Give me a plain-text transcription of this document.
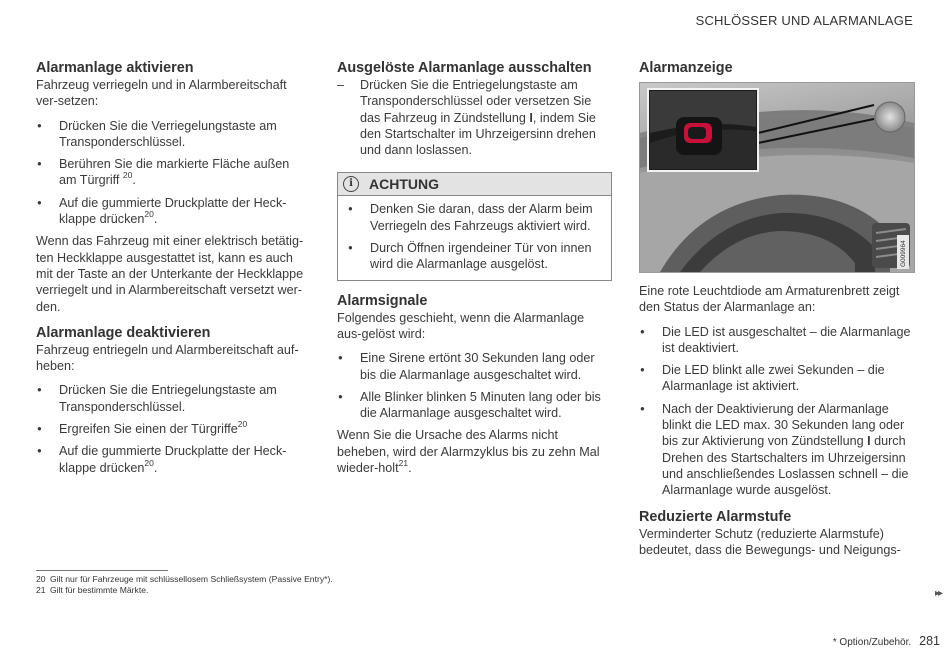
SCHLÖSSER UND ALARMANLAGE
Alarmanlage aktivieren

Fahrzeug verriegeln und in Alarmbereitschaft ver-setzen:

● Drücken Sie die Verriegelungstaste am Transponderschlüssel.
● Berühren Sie die markierte Fläche außen am Türgriff $^{20}$.
● Auf die gummierte Druckplatte der Heck-klappe drücken$^{20}$.

Wenn das Fahrzeug mit einer elektrisch betätig-ten Heckklappe ausgestattet ist, kann es auch mit der Taste an der Unterkante der Heckklappe verriegelt und in Alarmbereitschaft versetzt wer-den.

Alarmanlage deaktivieren

Fahrzeug entriegeln und Alarmbereitschaft auf-heben:

● Drücken Sie die Entriegelungstaste am Transponderschlüssel.
● Ergreifen Sie einen der Türgriffe$^{20}$
● Auf die gummierte Druckplatte der Heck-klappe drücken$^{20}$.
Ausgelöste Alarmanlage ausschalten
– Drücken Sie die Entriegelungstaste am Transponderschlüssel oder versetzen Sie das Fahrzeug in Zündstellung I, indem Sie den Startschalter im Uhrzeigersinn drehen und dann loslassen.
i	ACHTUNG
● Denken Sie daran, dass der Alarm beim Verriegeln des Fahrzeugs aktiviert wird.
● Durch Öffnen irgendeiner Tür von innen wird die Alarmanlage ausgelöst.
Alarmsignale

Folgendes geschieht, wenn die Alarmanlage aus-gelöst wird:

● Eine Sirene ertönt 30 Sekunden lang oder bis die Alarmanlage ausgeschaltet wird.
● Alle Blinker blinken 5 Minuten lang oder bis die Alarmanlage ausgeschaltet wird.

Wenn Sie die Ursache des Alarms nicht beheben, wird der Alarmzyklus bis zu zehn Mal wieder-holt$^{21}$.

Alarmanzeige
G009964

Eine rote Leuchtdiode am Armaturenbrett zeigt den Status der Alarmanlage an:

● Die LED ist ausgeschaltet – die Alarmanlage ist deaktiviert.
● Die LED blinkt alle zwei Sekunden – die Alarmanlage ist aktiviert.
● Nach der Deaktivierung der Alarmanlage blinkt die LED max. 30 Sekunden lang oder bis zur Aktivierung von Zündstellung I durch Drehen des Startschalters im Uhrzeigersinn und anschließendes Loslassen schnell – die Alarmanlage wurde ausgelöst.
Reduzierte Alarmstufe

Verminderter Schutz (reduzierte Alarmstufe) bedeutet, dass die Bewegungs- und Neigungs-

20 Gilt nur für Fahrzeuge mit schlüssellosem Schließsystem (Passive Entry*).
21 Gilt für bestimmte Märkte.	▸▸
* Option/Zubehör. 281
